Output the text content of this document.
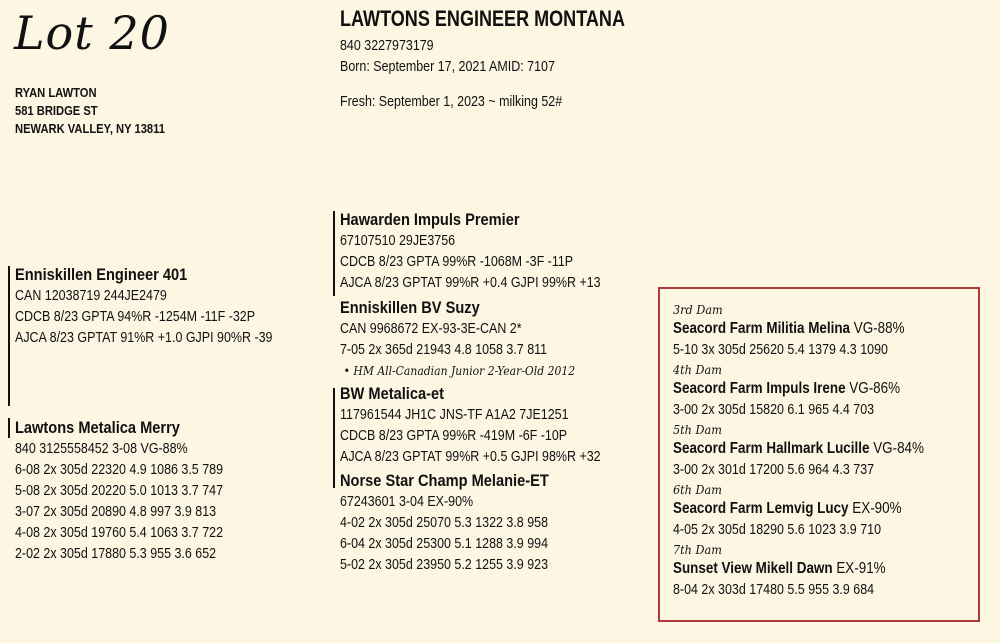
Lot 20
RYAN LAWTON
581 BRIDGE ST
NEWARK VALLEY, NY 13811
LAWTONS ENGINEER MONTANA
840 3227973179
Born: September 17, 2021 AMID: 7107
Fresh: September 1, 2023 ~ milking 52#
Enniskillen Engineer 401
CAN 12038719 244JE2479
CDCB 8/23 GPTA 94%R -1254M -11F -32P
AJCA 8/23 GPTAT 91%R +1.0 GJPI 90%R -39
Lawtons Metalica Merry
840 3125558452 3-08 VG-88%
6-08 2x 305d 22320 4.9 1086 3.5 789
5-08 2x 305d 20220 5.0 1013 3.7 747
3-07 2x 305d 20890 4.8 997 3.9 813
4-08 2x 305d 19760 5.4 1063 3.7 722
2-02 2x 305d 17880 5.3 955 3.6 652
Hawarden Impuls Premier
67107510 29JE3756
CDCB 8/23 GPTA 99%R -1068M -3F -11P
AJCA 8/23 GPTAT 99%R +0.4 GJPI 99%R +13
Enniskillen BV Suzy
CAN 9968672 EX-93-3E-CAN 2*
7-05 2x 365d 21943 4.8 1058 3.7 811
• HM All-Canadian Junior 2-Year-Old 2012
BW Metalica-et
117961544 JH1C JNS-TF A1A2 7JE1251
CDCB 8/23 GPTA 99%R -419M -6F -10P
AJCA 8/23 GPTAT 99%R +0.5 GJPI 98%R +32
Norse Star Champ Melanie-ET
67243601 3-04 EX-90%
4-02 2x 305d 25070 5.3 1322 3.8 958
6-04 2x 305d 25300 5.1 1288 3.9 994
5-02 2x 305d 23950 5.2 1255 3.9 923
3rd Dam
Seacord Farm Militia Melina VG-88%
5-10 3x 305d 25620 5.4 1379 4.3 1090
4th Dam
Seacord Farm Impuls Irene VG-86%
3-00 2x 305d 15820 6.1 965 4.4 703
5th Dam
Seacord Farm Hallmark Lucille VG-84%
3-00 2x 301d 17200 5.6 964 4.3 737
6th Dam
Seacord Farm Lemvig Lucy EX-90%
4-05 2x 305d 18290 5.6 1023 3.9 710
7th Dam
Sunset View Mikell Dawn EX-91%
8-04 2x 303d 17480 5.5 955 3.9 684
